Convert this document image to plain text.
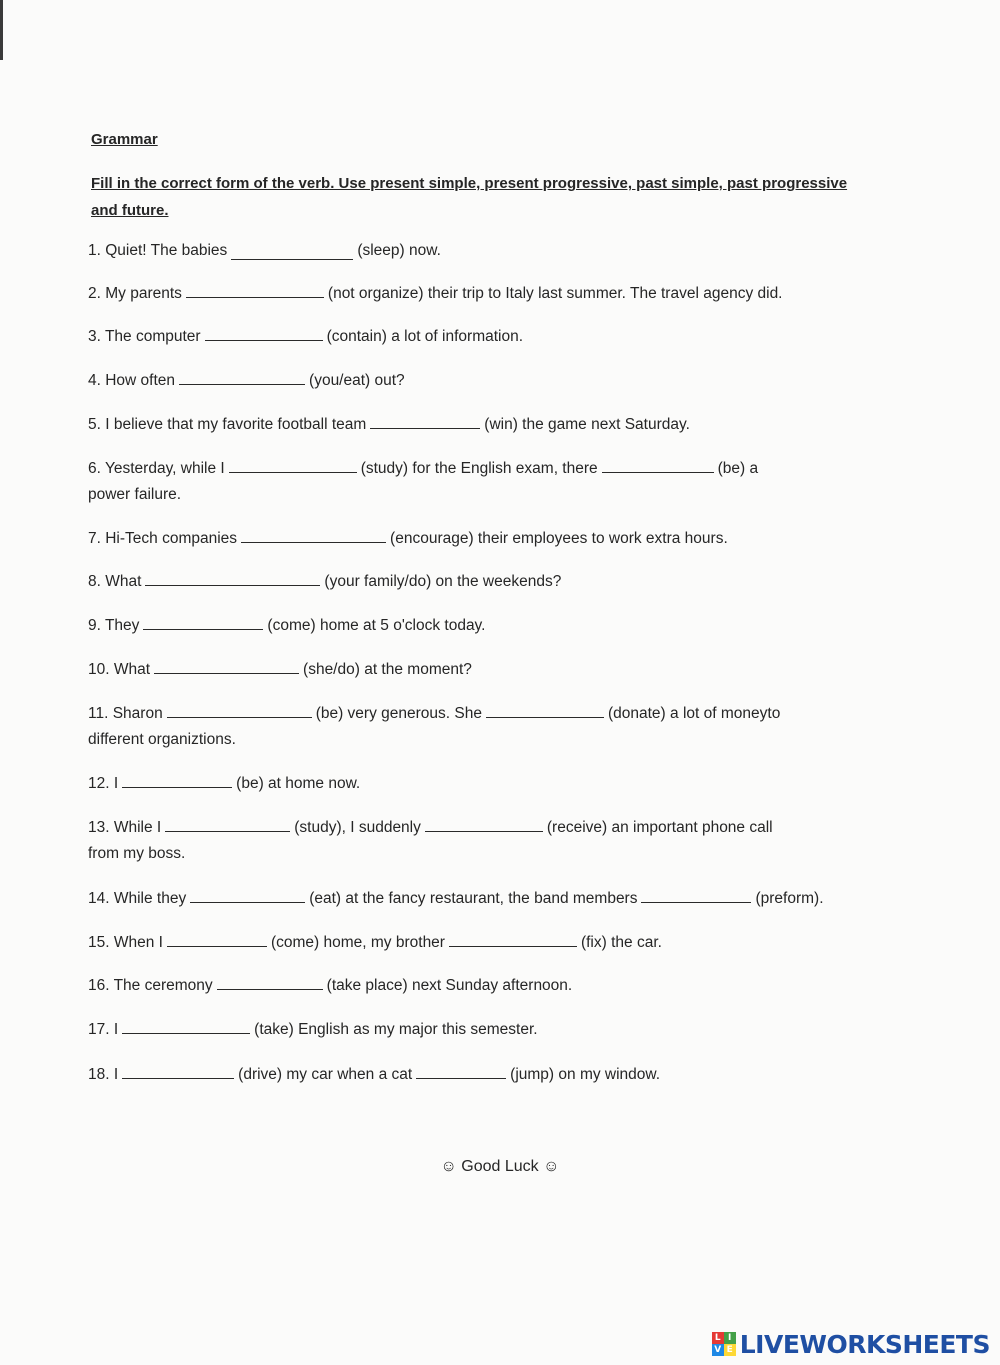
Grammar
Fill in the correct form of the verb. Use present simple, present progressive, past simple, past progressive and future.
1. Quiet! The babies	(sleep) now.
2. My parents	(not organize) their trip to Italy last summer. The travel agency did.
3. The computer	(contain) a lot of information.
4. How often	(you/eat) out?
5. I believe that my favorite football team	(win) the game next Saturday.
6. Yesterday, while I	(study) for the English exam, there	(be) a
power failure.
7. Hi-Tech companies	(encourage) their employees to work extra hours.
8. What	(your family/do) on the weekends?
9. They	(come) home at 5 o'clock today.
10. What	(she/do) at the moment?
11. Sharon	(be) very generous. She	(donate) a lot of moneyto
different organiztions.
12. I	(be) at home now.
13. While I	(study), I suddenly	(receive) an important phone call
from my boss.
14. While they	(eat) at the fancy restaurant, the band members	(preform).
15. When I	(come) home, my brother	(fix) the car.
16. The ceremony	(take place) next Sunday afternoon.
17. I	(take) English as my major this semester.
18. I	(drive) my car when a cat	(jump) on my window.
☺ Good Luck ☺
L I
V E LIVEWORKSHEETS
